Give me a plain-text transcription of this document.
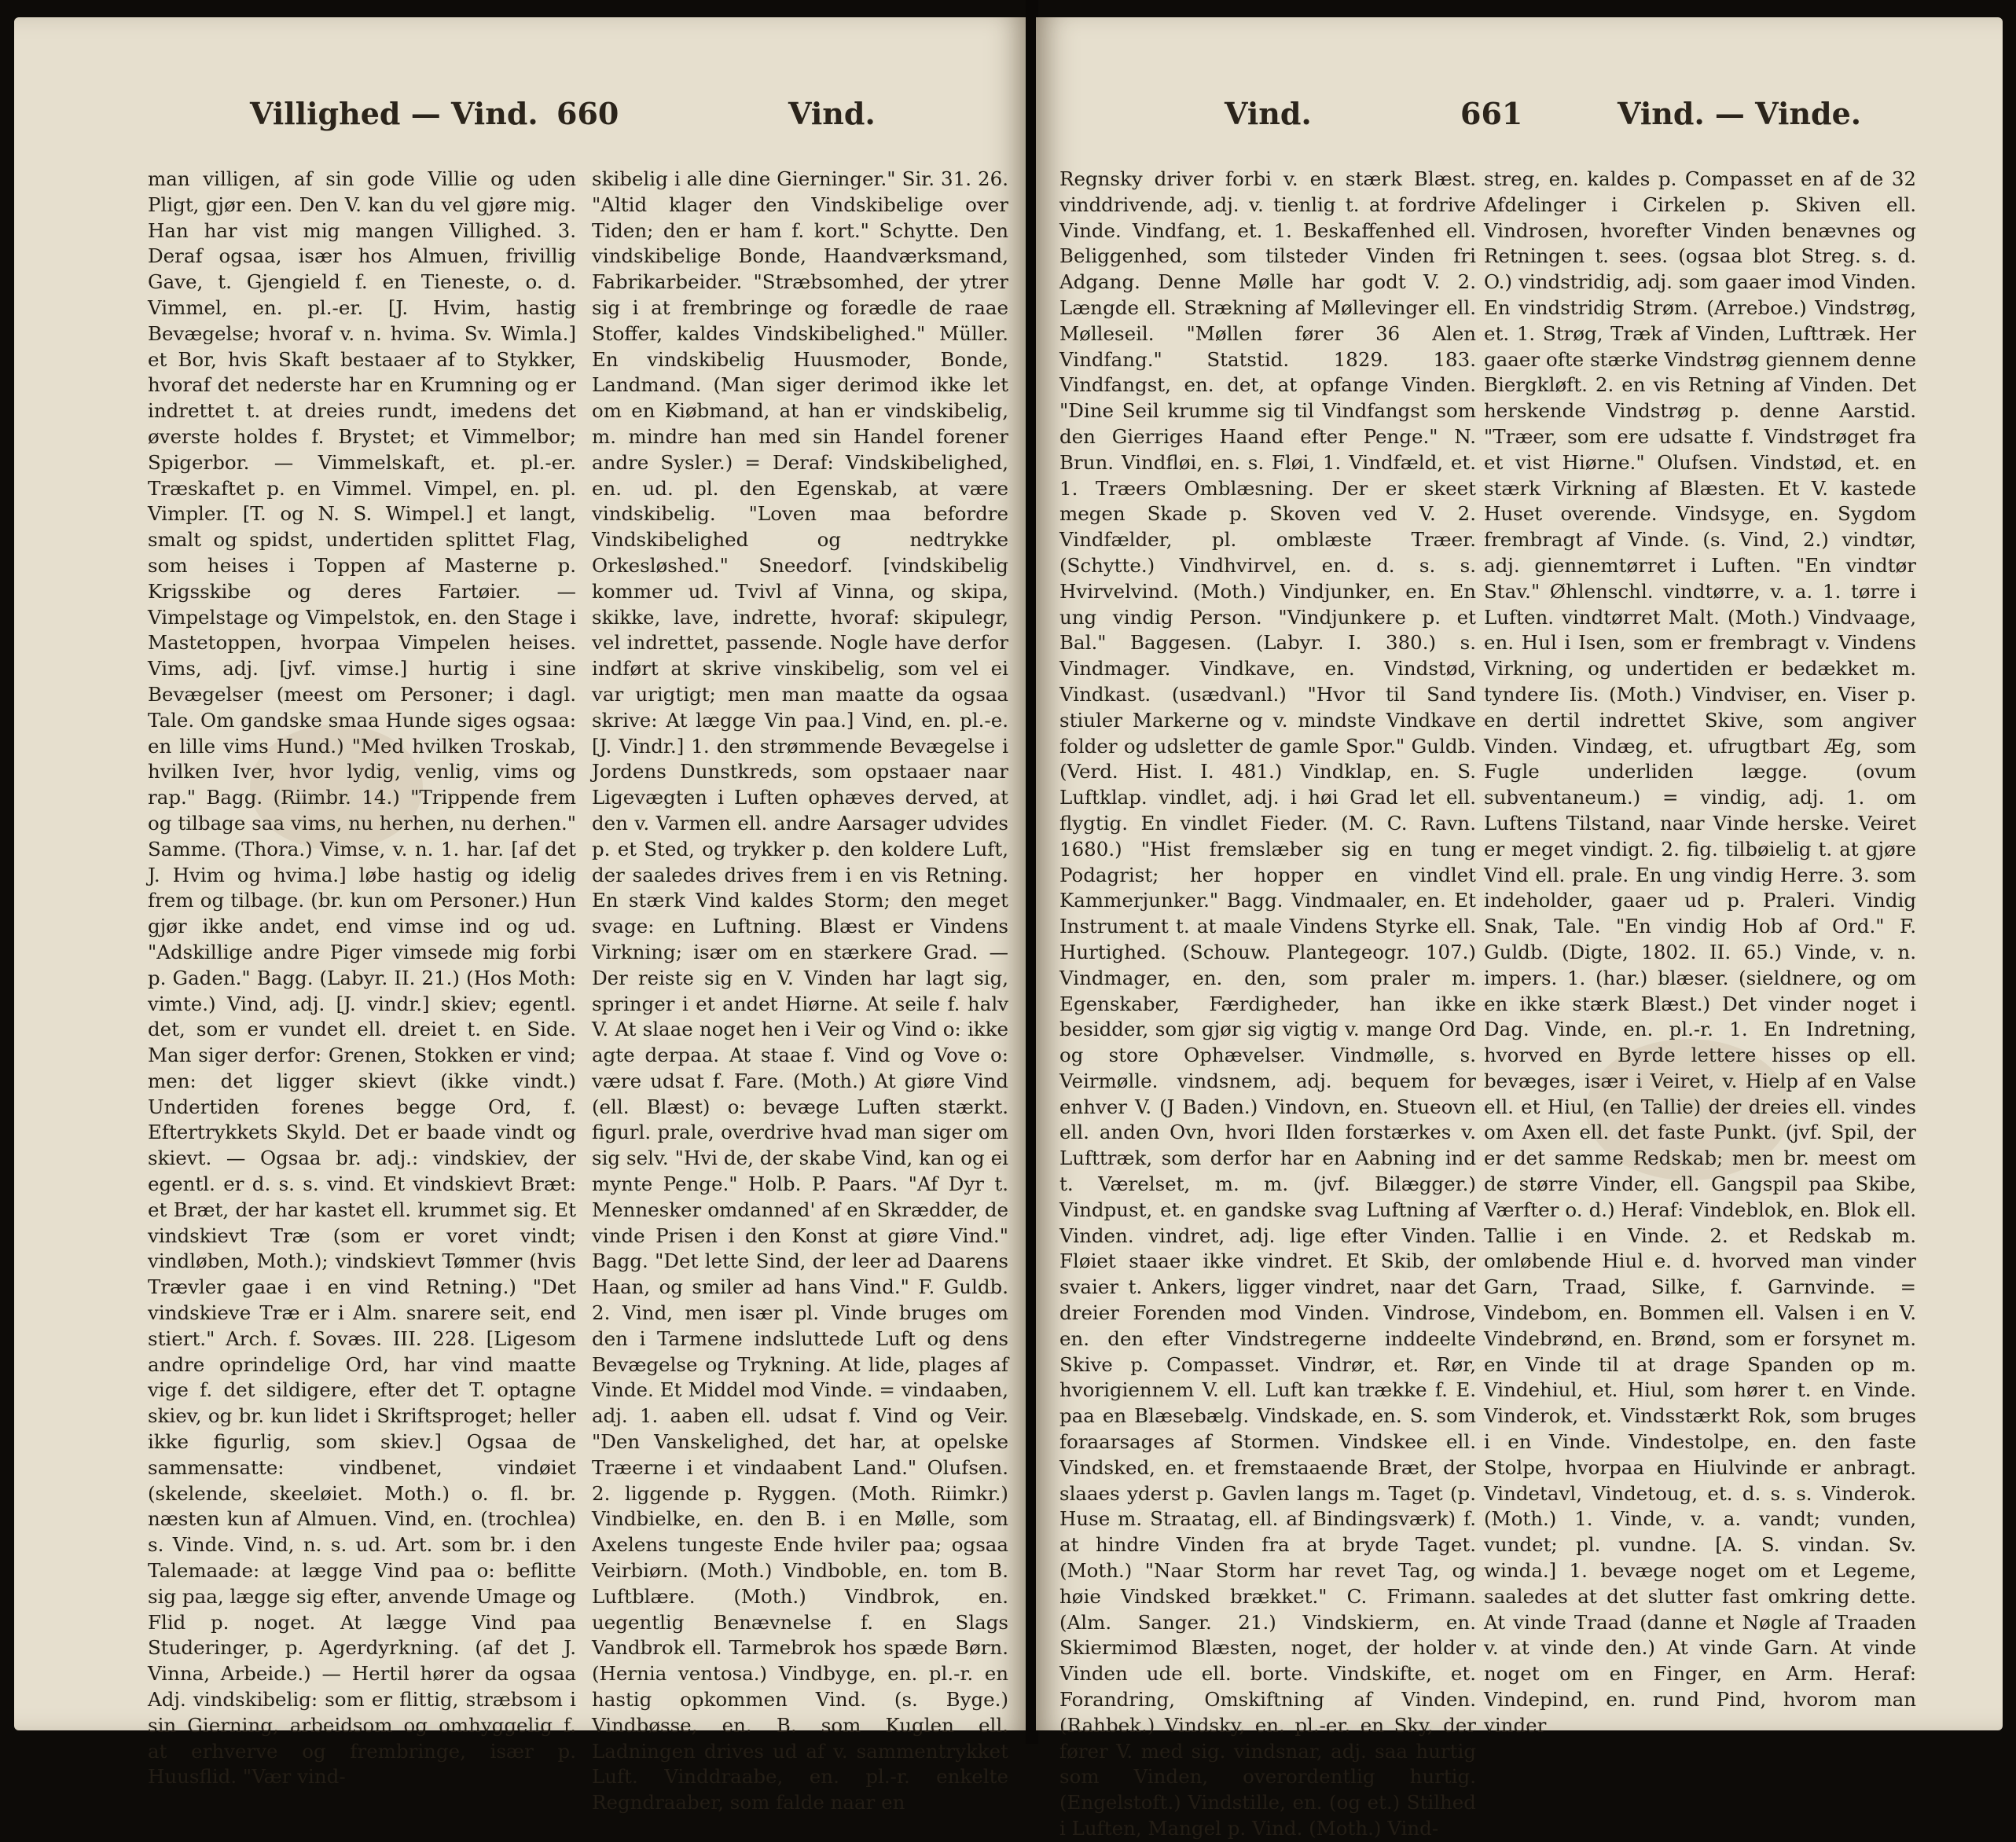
Villighed — Vind. 660	Vind.

man villigen, af sin gode Villie og uden Pligt, gjør een. Den V. kan du vel gjøre mig. Han har vist mig mangen Villighed. 3. Deraf ogsaa, især hos Almuen, frivillig Gave, t. Gjengield f. en Tieneste, o. d. Vimmel, en. pl.-er. [J. Hvim, hastig Bevægelse; hvoraf v. n. hvima. Sv. Wimla.] et Bor, hvis Skaft bestaaer af to Stykker, hvoraf det nederste har en Krumning og er indrettet t. at dreies rundt, imedens det øverste holdes f. Brystet; et Vimmelbor; Spigerbor. — Vimmelskaft, et. pl.-er. Træskaftet p. en Vimmel. Vimpel, en. pl. Vimpler. [T. og N. S. Wimpel.] et langt, smalt og spidst, undertiden splittet Flag, som heises i Toppen af Masterne p. Krigsskibe og deres Fartøier. — Vimpelstage og Vimpelstok, en. den Stage i Mastetoppen, hvorpaa Vimpelen heises. Vims, adj. [jvf. vimse.] hurtig i sine Bevægelser (meest om Personer; i dagl. Tale. Om gandske smaa Hunde siges ogsaa: en lille vims Hund.) "Med hvilken Troskab, hvilken Iver, hvor lydig, venlig, vims og rap." Bagg. (Riimbr. 14.) "Trippende frem og tilbage saa vims, nu herhen, nu derhen." Samme. (Thora.) Vimse, v. n. 1. har. [af det J. Hvim og hvima.] løbe hastig og idelig frem og tilbage. (br. kun om Personer.) Hun gjør ikke andet, end vimse ind og ud. "Adskillige andre Piger vimsede mig forbi p. Gaden." Bagg. (Labyr. II. 21.) (Hos Moth: vimte.) Vind, adj. [J. vindr.] skiev; egentl. det, som er vundet ell. dreiet t. en Side. Man siger derfor: Grenen, Stokken er vind; men: det ligger skievt (ikke vindt.) Undertiden forenes begge Ord, f. Eftertrykkets Skyld. Det er baade vindt og skievt. — Ogsaa br. adj.: vindskiev, der egentl. er d. s. s. vind. Et vindskievt Bræt: et Bræt, der har kastet ell. krummet sig. Et vindskievt Træ (som er voret vindt; vindløben, Moth.); vindskievt Tømmer (hvis Trævler gaae i en vind Retning.) "Det vindskieve Træ er i Alm. snarere seit, end stiert." Arch. f. Sovæs. III. 228. [Ligesom andre oprindelige Ord, har vind maatte vige f. det sildigere, efter det T. optagne skiev, og br. kun lidet i Skriftsproget; heller ikke figurlig, som skiev.] Ogsaa de sammensatte: vindbenet, vindøiet (skelende, skeeløiet. Moth.) o. fl. br. næsten kun af Almuen. Vind, en. (trochlea) s. Vinde. Vind, n. s. ud. Art. som br. i den Talemaade: at lægge Vind paa o: beflitte sig paa, lægge sig efter, anvende Umage og Flid p. noget. At lægge Vind paa Studeringer, p. Agerdyrkning. (af det J. Vinna, Arbeide.) — Hertil hører da ogsaa Adj. vindskibelig: som er flittig, stræbsom i sin Gierning, arbeidsom og omhyggelig f. at erhverve og frembringe, især p. Huusflid. "Vær vind-

skibelig i alle dine Gierninger." Sir. 31. 26. "Altid klager den Vindskibelige over Tiden; den er ham f. kort." Schytte. Den vindskibelige Bonde, Haandværksmand, Fabrikarbeider. "Stræbsomhed, der ytrer sig i at frembringe og forædle de raae Stoffer, kaldes Vindskibelighed." Müller. En vindskibelig Huusmoder, Bonde, Landmand. (Man siger derimod ikke let om en Kiøbmand, at han er vindskibelig, m. mindre han med sin Handel forener andre Sysler.) = Deraf: Vindskibelighed, en. ud. pl. den Egenskab, at være vindskibelig. "Loven maa befordre Vindskibelighed og nedtrykke Orkesløshed." Sneedorf. [vindskibelig kommer ud. Tvivl af Vinna, og skipa, skikke, lave, indrette, hvoraf: skipulegr, vel indrettet, passende. Nogle have derfor indført at skrive vinskibelig, som vel ei var urigtigt; men man maatte da ogsaa skrive: At lægge Vin paa.] Vind, en. pl.-e. [J. Vindr.] 1. den strømmende Bevægelse i Jordens Dunstkreds, som opstaaer naar Ligevægten i Luften ophæves derved, at den v. Varmen ell. andre Aarsager udvides p. et Sted, og trykker p. den koldere Luft, der saaledes drives frem i en vis Retning. En stærk Vind kaldes Storm; den meget svage: en Luftning. Blæst er Vindens Virkning; især om en stærkere Grad. — Der reiste sig en V. Vinden har lagt sig, springer i et andet Hiørne. At seile f. halv V. At slaae noget hen i Veir og Vind o: ikke agte derpaa. At staae f. Vind og Vove o: være udsat f. Fare. (Moth.) At giøre Vind (ell. Blæst) o: bevæge Luften stærkt. figurl. prale, overdrive hvad man siger om sig selv. "Hvi de, der skabe Vind, kan og ei mynte Penge." Holb. P. Paars. "Af Dyr t. Mennesker omdanned' af en Skrædder, de vinde Prisen i den Konst at giøre Vind." Bagg. "Det lette Sind, der leer ad Daarens Haan, og smiler ad hans Vind." F. Guldb. 2. Vind, men især pl. Vinde bruges om den i Tarmene indsluttede Luft og dens Bevægelse og Trykning. At lide, plages af Vinde. Et Middel mod Vinde. = vindaaben, adj. 1. aaben ell. udsat f. Vind og Veir. "Den Vanskelighed, det har, at opelske Træerne i et vindaabent Land." Olufsen. 2. liggende p. Ryggen. (Moth. Riimkr.) Vindbielke, en. den B. i en Mølle, som Axelens tungeste Ende hviler paa; ogsaa Veirbiørn. (Moth.) Vindboble, en. tom B. Luftblære. (Moth.) Vindbrok, en. uegentlig Benævnelse f. en Slags Vandbrok ell. Tarmebrok hos spæde Børn. (Hernia ventosa.) Vindbyge, en. pl.-r. en hastig opkommen Vind. (s. Byge.) Vindbøsse, en. B. som Kuglen ell. Ladningen drives ud af v. sammentrykket Luft. Vinddraabe, en. pl.-r. enkelte Regndraaber, som falde naar en

Vind.	661	Vind. — Vinde.

Regnsky driver forbi v. en stærk Blæst. vinddrivende, adj. v. tienlig t. at fordrive Vinde. Vindfang, et. 1. Beskaffenhed ell. Beliggenhed, som tilsteder Vinden fri Adgang. Denne Mølle har godt V. 2. Længde ell. Strækning af Møllevinger ell. Mølleseil. "Møllen fører 36 Alen Vindfang." Statstid. 1829. 183. Vindfangst, en. det, at opfange Vinden. "Dine Seil krumme sig til Vindfangst som den Gierriges Haand efter Penge." N. Brun. Vindfløi, en. s. Fløi, 1. Vindfæld, et. 1. Træers Omblæsning. Der er skeet megen Skade p. Skoven ved V. 2. Vindfælder, pl. omblæste Træer. (Schytte.) Vindhvirvel, en. d. s. s. Hvirvelvind. (Moth.) Vindjunker, en. En ung vindig Person. "Vindjunkere p. et Bal." Baggesen. (Labyr. I. 380.) s. Vindmager. Vindkave, en. Vindstød, Vindkast. (usædvanl.) "Hvor til Sand stiuler Markerne og v. mindste Vindkave folder og udsletter de gamle Spor." Guldb. (Verd. Hist. I. 481.) Vindklap, en. S. Luftklap. vindlet, adj. i høi Grad let ell. flygtig. En vindlet Fieder. (M. C. Ravn. 1680.) "Hist fremslæber sig en tung Podagrist; her hopper en vindlet Kammerjunker." Bagg. Vindmaaler, en. Et Instrument t. at maale Vindens Styrke ell. Hurtighed. (Schouw. Plantegeogr. 107.) Vindmager, en. den, som praler m. Egenskaber, Færdigheder, han ikke besidder, som gjør sig vigtig v. mange Ord og store Ophævelser. Vindmølle, s. Veirmølle. vindsnem, adj. bequem for enhver V. (J Baden.) Vindovn, en. Stueovn ell. anden Ovn, hvori Ilden forstærkes v. Lufttræk, som derfor har en Aabning ind t. Værelset, m. m. (jvf. Bilægger.) Vindpust, et. en gandske svag Luftning af Vinden. vindret, adj. lige efter Vinden. Fløiet staaer ikke vindret. Et Skib, der svaier t. Ankers, ligger vindret, naar det dreier Forenden mod Vinden. Vindrose, en. den efter Vindstregerne inddeelte Skive p. Compasset. Vindrør, et. Rør, hvorigiennem V. ell. Luft kan trække f. E. paa en Blæsebælg. Vindskade, en. S. som foraarsages af Stormen. Vindskee ell. Vindsked, en. et fremstaaende Bræt, der slaaes yderst p. Gavlen langs m. Taget (p. Huse m. Straatag, ell. af Bindingsværk) f. at hindre Vinden fra at bryde Taget. (Moth.) "Naar Storm har revet Tag, og høie Vindsked brækket." C. Frimann. (Alm. Sanger. 21.) Vindskierm, en. Skiermimod Blæsten, noget, der holder Vinden ude ell. borte. Vindskifte, et. Forandring, Omskiftning af Vinden. (Rahbek.) Vindsky, en. pl.-er. en Sky, der fører V. med sig. vindsnar, adj. saa hurtig som Vinden, overordentlig hurtig. (Engelstoft.) Vindstille, en. (og et.) Stilhed i Luften, Mangel p. Vind. (Moth.) Vind-

streg, en. kaldes p. Compasset en af de 32 Afdelinger i Cirkelen p. Skiven ell. Vindrosen, hvorefter Vinden benævnes og Retningen t. sees. (ogsaa blot Streg. s. d. O.) vindstridig, adj. som gaaer imod Vinden. En vindstridig Strøm. (Arreboe.) Vindstrøg, et. 1. Strøg, Træk af Vinden, Lufttræk. Her gaaer ofte stærke Vindstrøg giennem denne Biergkløft. 2. en vis Retning af Vinden. Det herskende Vindstrøg p. denne Aarstid. "Træer, som ere udsatte f. Vindstrøget fra et vist Hiørne." Olufsen. Vindstød, et. en stærk Virkning af Blæsten. Et V. kastede Huset overende. Vindsyge, en. Sygdom frembragt af Vinde. (s. Vind, 2.) vindtør, adj. giennemtørret i Luften. "En vindtør Stav." Øhlenschl. vindtørre, v. a. 1. tørre i Luften. vindtørret Malt. (Moth.) Vindvaage, en. Hul i Isen, som er frembragt v. Vindens Virkning, og undertiden er bedækket m. tyndere Iis. (Moth.) Vindviser, en. Viser p. en dertil indrettet Skive, som angiver Vinden. Vindæg, et. ufrugtbart Æg, som Fugle underliden lægge. (ovum subventaneum.) = vindig, adj. 1. om Luftens Tilstand, naar Vinde herske. Veiret er meget vindigt. 2. fig. tilbøielig t. at gjøre Vind ell. prale. En ung vindig Herre. 3. som indeholder, gaaer ud p. Praleri. Vindig Snak, Tale. "En vindig Hob af Ord." F. Guldb. (Digte, 1802. II. 65.) Vinde, v. n. impers. 1. (har.) blæser. (sieldnere, og om en ikke stærk Blæst.) Det vinder noget i Dag. Vinde, en. pl.-r. 1. En Indretning, hvorved en Byrde lettere hisses op ell. bevæges, især i Veiret, v. Hielp af en Valse ell. et Hiul, (en Tallie) der dreies ell. vindes om Axen ell. det faste Punkt. (jvf. Spil, der er det samme Redskab; men br. meest om de større Vinder, ell. Gangspil paa Skibe, Værfter o. d.) Heraf: Vindeblok, en. Blok ell. Tallie i en Vinde. 2. et Redskab m. omløbende Hiul e. d. hvorved man vinder Garn, Traad, Silke, f. Garnvinde. = Vindebom, en. Bommen ell. Valsen i en V. Vindebrønd, en. Brønd, som er forsynet m. en Vinde til at drage Spanden op m. Vindehiul, et. Hiul, som hører t. en Vinde. Vinderok, et. Vindsstærkt Rok, som bruges i en Vinde. Vindestolpe, en. den faste Stolpe, hvorpaa en Hiulvinde er anbragt. Vindetavl, Vindetoug, et. d. s. s. Vinderok. (Moth.) 1. Vinde, v. a. vandt; vunden, vundet; pl. vundne. [A. S. vindan. Sv. winda.] 1. bevæge noget om et Legeme, saaledes at det slutter fast omkring dette. At vinde Traad (danne et Nøgle af Traaden v. at vinde den.) At vinde Garn. At vinde noget om en Finger, en Arm. Heraf: Vindepind, en. rund Pind, hvorom man vinder
